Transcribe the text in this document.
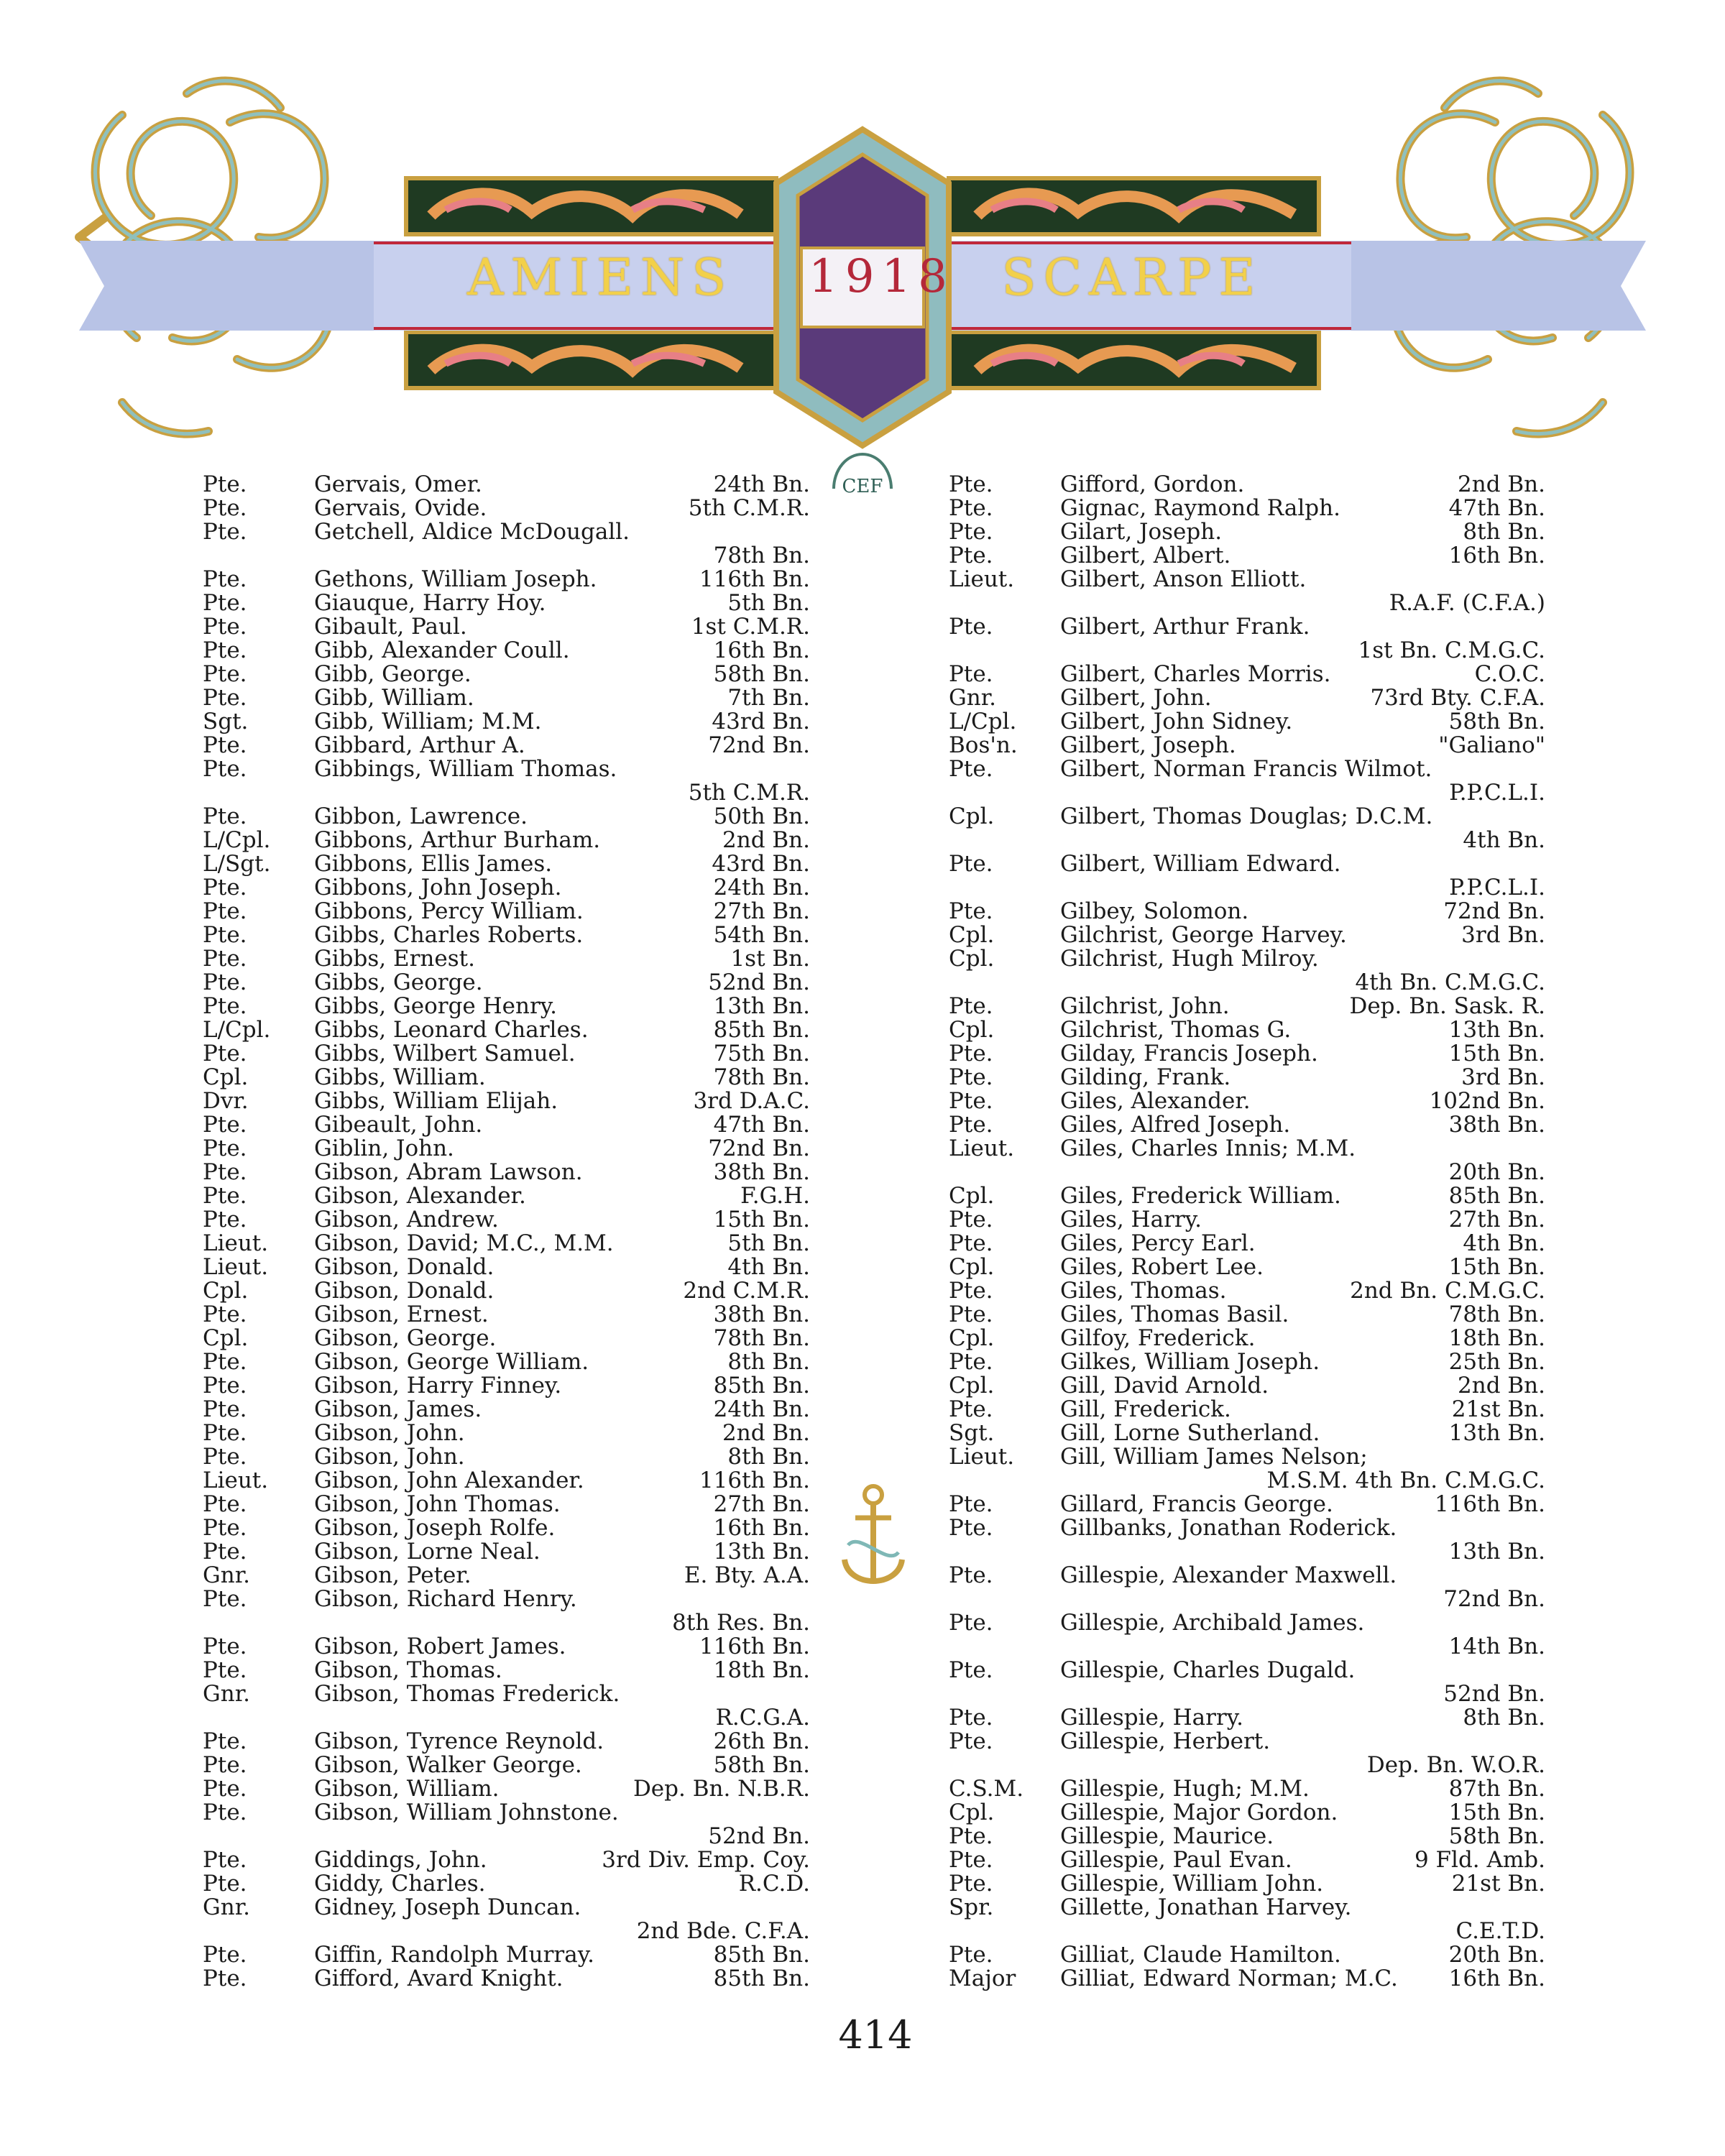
AMIENS 1918 SCARPE
CEF
Pte.	Gervais, Omer.	24th Bn.
Pte.	Gervais, Ovide.	5th C.M.R.
Pte.	Getchell, Aldice McDougall.
78th Bn.
Pte.	Gethons, William Joseph.	116th Bn.
Pte.	Giauque, Harry Hoy.	5th Bn.
Pte.	Gibault, Paul.	1st C.M.R.
Pte.	Gibb, Alexander Coull.	16th Bn.
Pte.	Gibb, George.	58th Bn.
Pte.	Gibb, William.	7th Bn.
Sgt.	Gibb, William; M.M.	43rd Bn.
Pte.	Gibbard, Arthur A.	72nd Bn.
Pte.	Gibbings, William Thomas.
5th C.M.R.
Pte.	Gibbon, Lawrence.	50th Bn.
L/Cpl. Gibbons, Arthur Burham.	2nd Bn.
L/Sgt. Gibbons, Ellis James.	43rd Bn.
Pte.	Gibbons, John Joseph.	24th Bn.
Pte.	Gibbons, Percy William.	27th Bn.
Pte.	Gibbs, Charles Roberts.	54th Bn.
Pte.	Gibbs, Ernest.	1st Bn.
Pte.	Gibbs, George.	52nd Bn.
Pte.	Gibbs, George Henry.	13th Bn.
L/Cpl. Gibbs, Leonard Charles.	85th Bn.
Pte.	Gibbs, Wilbert Samuel.	75th Bn.
Cpl.	Gibbs, William.	78th Bn.
Dvr.	Gibbs, William Elijah.	3rd D.A.C.
Pte.	Gibeault, John.	47th Bn.
Pte.	Giblin, John.	72nd Bn.
Pte.	Gibson, Abram Lawson.	38th Bn.
Pte.	Gibson, Alexander.	F.G.H.
Pte.	Gibson, Andrew.	15th Bn.
Lieut. Gibson, David; M.C., M.M.	5th Bn.
Lieut. Gibson, Donald.	4th Bn.
Cpl.	Gibson, Donald.	2nd C.M.R.
Pte.	Gibson, Ernest.	38th Bn.
Cpl.	Gibson, George.	78th Bn.
Pte.	Gibson, George William.	8th Bn.
Pte.	Gibson, Harry Finney.	85th Bn.
Pte.	Gibson, James.	24th Bn.
Pte.	Gibson, John.	2nd Bn.
Pte.	Gibson, John.	8th Bn.
Lieut. Gibson, John Alexander.	116th Bn.
Pte.	Gibson, John Thomas.	27th Bn.
Pte.	Gibson, Joseph Rolfe.	16th Bn.
Pte.	Gibson, Lorne Neal.	13th Bn.
Gnr.	Gibson, Peter.	E. Bty. A.A.
Pte.	Gibson, Richard Henry.
8th Res. Bn.
Pte.	Gibson, Robert James.	116th Bn.
Pte.	Gibson, Thomas.	18th Bn.
Gnr.	Gibson, Thomas Frederick.
R.C.G.A.
Pte.	Gibson, Tyrence Reynold.	26th Bn.
Pte.	Gibson, Walker George.	58th Bn.
Pte.	Gibson, William.	Dep. Bn. N.B.R.
Pte.	Gibson, William Johnstone.
52nd Bn.
Pte.	Giddings, John.	3rd Div. Emp. Coy.
Pte.	Giddy, Charles.	R.C.D.
Gnr.	Gidney, Joseph Duncan.
2nd Bde. C.F.A.
Pte.	Giffin, Randolph Murray.	85th Bn.
Pte.	Gifford, Avard Knight.	85th Bn.
Pte.	Gifford, Gordon.	2nd Bn.
Pte.	Gignac, Raymond Ralph.	47th Bn.
Pte.	Gilart, Joseph.	8th Bn.
Pte.	Gilbert, Albert.	16th Bn.
Lieut. Gilbert, Anson Elliott.
R.A.F. (C.F.A.)
Pte.	Gilbert, Arthur Frank.
1st Bn. C.M.G.C.
Pte.	Gilbert, Charles Morris.	C.O.C.
Gnr.	Gilbert, John.	73rd Bty. C.F.A.
L/Cpl. Gilbert, John Sidney.	58th Bn.
Bos'n. Gilbert, Joseph.	"Galiano"
Pte.	Gilbert, Norman Francis Wilmot.
P.P.C.L.I.
Cpl.	Gilbert, Thomas Douglas; D.C.M.
4th Bn.
Pte.	Gilbert, William Edward.
P.P.C.L.I.
Pte.	Gilbey, Solomon.	72nd Bn.
Cpl.	Gilchrist, George Harvey.	3rd Bn.
Cpl.	Gilchrist, Hugh Milroy.
4th Bn. C.M.G.C.
Pte.	Gilchrist, John.	Dep. Bn. Sask. R.
Cpl.	Gilchrist, Thomas G.	13th Bn.
Pte.	Gilday, Francis Joseph.	15th Bn.
Pte.	Gilding, Frank.	3rd Bn.
Pte.	Giles, Alexander.	102nd Bn.
Pte.	Giles, Alfred Joseph.	38th Bn.
Lieut. Giles, Charles Innis; M.M.
20th Bn.
Cpl.	Giles, Frederick William.	85th Bn.
Pte.	Giles, Harry.	27th Bn.
Pte.	Giles, Percy Earl.	4th Bn.
Cpl.	Giles, Robert Lee.	15th Bn.
Pte.	Giles, Thomas.	2nd Bn. C.M.G.C.
Pte.	Giles, Thomas Basil.	78th Bn.
Cpl.	Gilfoy, Frederick.	18th Bn.
Pte.	Gilkes, William Joseph.	25th Bn.
Cpl.	Gill, David Arnold.	2nd Bn.
Pte.	Gill, Frederick.	21st Bn.
Sgt.	Gill, Lorne Sutherland.	13th Bn.
Lieut. Gill, William James Nelson;
M.S.M. 4th Bn. C.M.G.C.
Pte.	Gillard, Francis George.	116th Bn.
Pte.	Gillbanks, Jonathan Roderick.
13th Bn.
Pte.	Gillespie, Alexander Maxwell.
72nd Bn.
Pte.	Gillespie, Archibald James.
14th Bn.
Pte.	Gillespie, Charles Dugald.
52nd Bn.
Pte.	Gillespie, Harry.	8th Bn.
Pte.	Gillespie, Herbert.
Dep. Bn. W.O.R.
C.S.M. Gillespie, Hugh; M.M.	87th Bn.
Cpl.	Gillespie, Major Gordon.	15th Bn.
Pte.	Gillespie, Maurice.	58th Bn.
Pte.	Gillespie, Paul Evan.	9 Fld. Amb.
Pte.	Gillespie, William John.	21st Bn.
Spr.	Gillette, Jonathan Harvey.
C.E.T.D.
Pte.	Gilliat, Claude Hamilton.	20th Bn.
Major Gilliat, Edward Norman; M.C. 16th Bn.
414
